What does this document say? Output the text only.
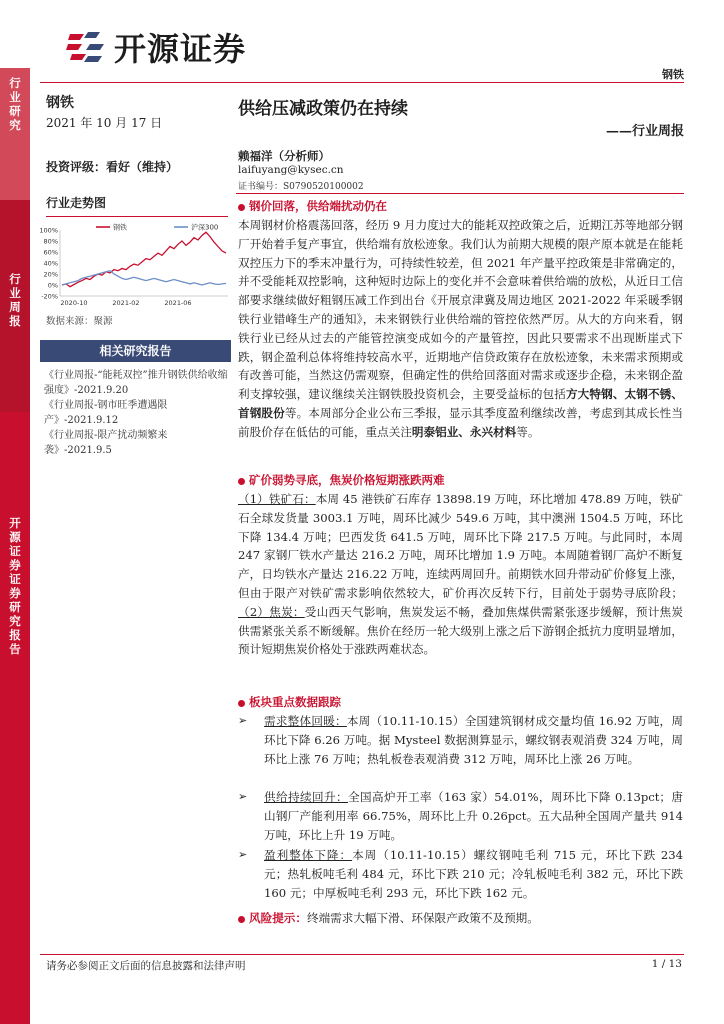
开源证券
钢铁
行
业
研
究
行
业
周
报
开
源
证
券
证
券
研
究
报
告
钢铁
2021 年 10 月 17 日
投资评级：看好（维持）
行业走势图
100%
80%
60%
40%
20%
0%
-20%
2020-10	2021-02	2021-06
钢铁	沪深300
数据来源：聚源
相关研究报告
《行业周报-“能耗双控”推升钢铁供给收缩强度》-2021.9.20
《行业周报-钢市旺季遭遇限产》-2021.9.12
《行业周报-限产扰动频繁来袭》-2021.9.5
供给压减政策仍在持续
——行业周报
赖福洋（分析师）
laifuyang@kysec.cn
证书编号：S0790520100002
钢价回落，供给端扰动仍在
本周钢材价格震荡回落，经历 9 月力度过大的能耗双控政策之后，近期江苏等地部分钢厂开始着手复产事宜，供给端有放松迹象。我们认为前期大规模的限产原本就是在能耗双控压力下的季末冲量行为，可持续性较差，但 2021 年产量平控政策是非常确定的，并不受能耗双控影响，这种短时边际上的变化并不会意味着供给端的放松，从近日工信部要求继续做好粗钢压减工作到出台《开展京津冀及周边地区 2021-2022 年采暖季钢铁行业错峰生产的通知》，未来钢铁行业供给端的管控依然严厉。从大的方向来看，钢铁行业已经从过去的产能管控演变成如今的产量管控，因此只要需求不出现断崖式下跌，钢企盈利总体将维持较高水平，近期地产信贷政策存在放松迹象，未来需求预期或有改善可能，当然这仍需观察，但确定性的供给回落面对需求或逐步企稳，未来钢企盈利支撑较强，建议继续关注钢铁股投资机会，主要受益标的包括方大特钢、太钢不锈、首钢股份等。本周部分企业公布三季报，显示其季度盈利继续改善，考虑到其成长性当前股价存在低估的可能，重点关注明泰铝业、永兴材料等。
矿价弱势寻底，焦炭价格短期涨跌两难
（1）铁矿石：本周 45 港铁矿石库存 13898.19 万吨，环比增加 478.89 万吨，铁矿石全球发货量 3003.1 万吨，周环比减少 549.6 万吨，其中澳洲 1504.5 万吨，环比下降 134.4 万吨；巴西发货 641.5 万吨，周环比下降 217.5 万吨。与此同时，本周 247 家钢厂铁水产量达 216.2 万吨，周环比增加 1.9 万吨。本周随着钢厂高炉不断复产，日均铁水产量达 216.22 万吨，连续两周回升。前期铁水回升带动矿价修复上涨，但由于限产对铁矿需求影响依然较大，矿价再次反转下行，目前处于弱势寻底阶段；（2）焦炭：受山西天气影响，焦炭发运不畅，叠加焦煤供需紧张逐步缓解，预计焦炭供需紧张关系不断缓解。焦价在经历一轮大级别上涨之后下游钢企抵抗力度明显增加，预计短期焦炭价格处于涨跌两难状态。
板块重点数据跟踪
➢ 需求整体回暖：本周（10.11-10.15）全国建筑钢材成交量均值 16.92 万吨，周环比下降 6.26 万吨。据 Mysteel 数据测算显示，螺纹钢表观消费 324 万吨，周环比上涨 76 万吨；热轧板卷表观消费 312 万吨，周环比上涨 26 万吨。
➢ 供给持续回升：全国高炉开工率（163 家）54.01%，周环比下降 0.13pct；唐山钢厂产能利用率 66.75%，周环比上升 0.26pct。五大品种全国周产量共 914 万吨，环比上升 19 万吨。
➢ 盈利整体下降：本周（10.11-10.15）螺纹钢吨毛利 715 元，环比下跌 234 元；热轧板吨毛利 484 元，环比下跌 210 元；冷轧板吨毛利 382 元，环比下跌 160 元；中厚板吨毛利 293 元，环比下跌 162 元。
风险提示：终端需求大幅下滑、环保限产政策不及预期。
请务必参阅正文后面的信息披露和法律声明	1 / 13
